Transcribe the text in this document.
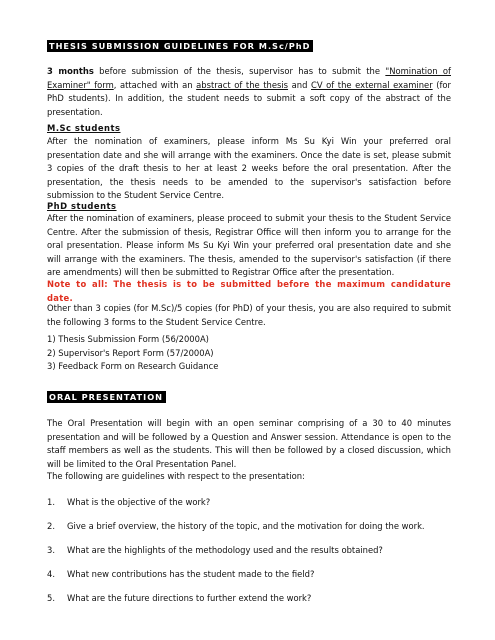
THESIS SUBMISSION GUIDELINES FOR M.Sc/PhD

3 months before submission of the thesis, supervisor has to submit the "Nomination of Examiner" form, attached with an abstract of the thesis and CV of the external examiner (for PhD students). In addition, the student needs to submit a soft copy of the abstract of the presentation.

M.Sc students

After the nomination of examiners, please inform Ms Su Kyi Win your preferred oral presentation date and she will arrange with the examiners. Once the date is set, please submit 3 copies of the draft thesis to her at least 2 weeks before the oral presentation. After the presentation, the thesis needs to be amended to the supervisor's satisfaction before submission to the Student Service Centre.

PhD students

After the nomination of examiners, please proceed to submit your thesis to the Student Service Centre. After the submission of thesis, Registrar Office will then inform you to arrange for the oral presentation. Please inform Ms Su Kyi Win your preferred oral presentation date and she will arrange with the examiners. The thesis, amended to the supervisor's satisfaction (if there are amendments) will then be submitted to Registrar Office after the presentation.

Note to all: The thesis is to be submitted before the maximum candidature date.

Other than 3 copies (for M.Sc)/5 copies (for PhD) of your thesis, you are also required to submit the following 3 forms to the Student Service Centre.

1) Thesis Submission Form (56/2000A)
2) Supervisor's Report Form (57/2000A)
3) Feedback Form on Research Guidance
ORAL PRESENTATION

The Oral Presentation will begin with an open seminar comprising of a 30 to 40 minutes presentation and will be followed by a Question and Answer session. Attendance is open to the staff members as well as the students. This will then be followed by a closed discussion, which will be limited to the Oral Presentation Panel.

The following are guidelines with respect to the presentation:

1.	What is the objective of the work?
2.	Give a brief overview, the history of the topic, and the motivation for doing the work.
3.	What are the highlights of the methodology used and the results obtained?
4.	What new contributions has the student made to the field?
5.	What are the future directions to further extend the work?
